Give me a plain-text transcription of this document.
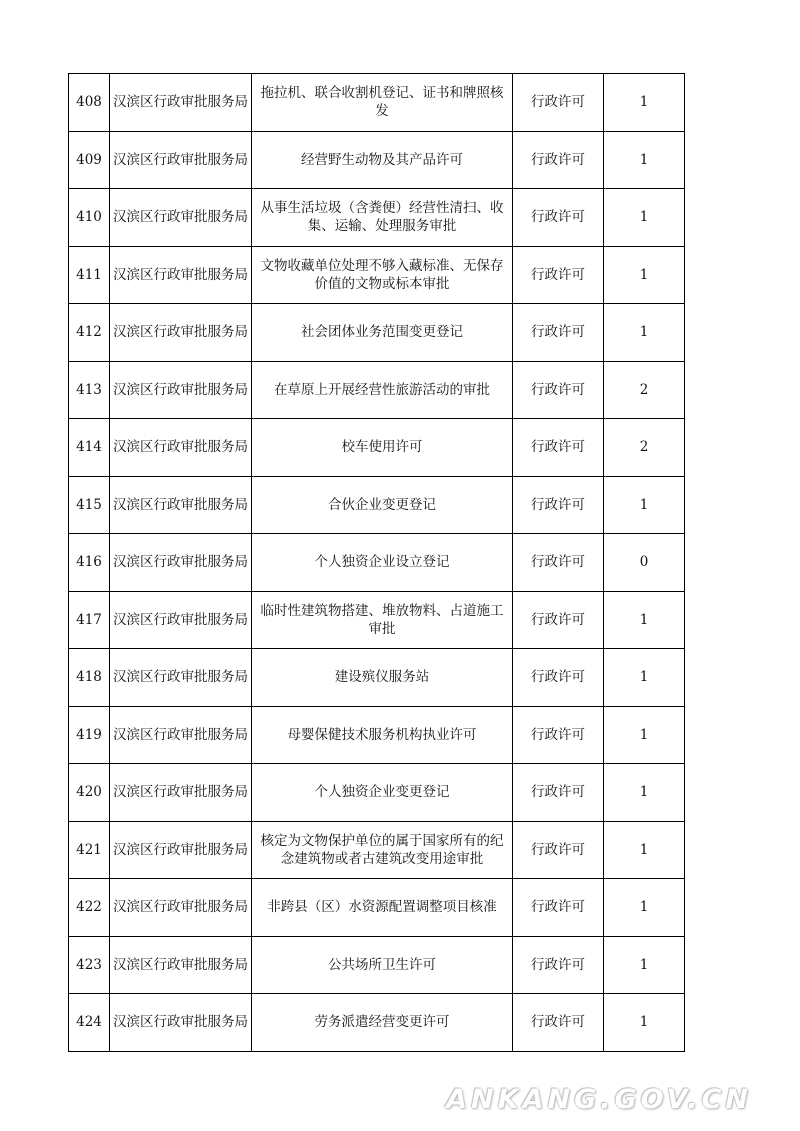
408	汉滨区行政审批服务局	拖拉机、联合收割机登记、证书和牌照核发	行政许可	1
409	汉滨区行政审批服务局	经营野生动物及其产品许可	行政许可	1
410	汉滨区行政审批服务局	从事生活垃圾（含粪便）经营性清扫、收集、运输、处理服务审批	行政许可	1
411	汉滨区行政审批服务局	文物收藏单位处理不够入藏标准、无保存价值的文物或标本审批	行政许可	1
412	汉滨区行政审批服务局	社会团体业务范围变更登记	行政许可	1
413	汉滨区行政审批服务局	在草原上开展经营性旅游活动的审批	行政许可	2
414	汉滨区行政审批服务局	校车使用许可	行政许可	2
415	汉滨区行政审批服务局	合伙企业变更登记	行政许可	1
416	汉滨区行政审批服务局	个人独资企业设立登记	行政许可	0
417	汉滨区行政审批服务局	临时性建筑物搭建、堆放物料、占道施工审批	行政许可	1
418	汉滨区行政审批服务局	建设殡仪服务站	行政许可	1
419	汉滨区行政审批服务局	母婴保健技术服务机构执业许可	行政许可	1
420	汉滨区行政审批服务局	个人独资企业变更登记	行政许可	1
421	汉滨区行政审批服务局	核定为文物保护单位的属于国家所有的纪念建筑物或者古建筑改变用途审批	行政许可	1
422	汉滨区行政审批服务局	非跨县（区）水资源配置调整项目核准	行政许可	1
423	汉滨区行政审批服务局	公共场所卫生许可	行政许可	1
424	汉滨区行政审批服务局	劳务派遣经营变更许可	行政许可	1
ANKANG.GOV.CN
